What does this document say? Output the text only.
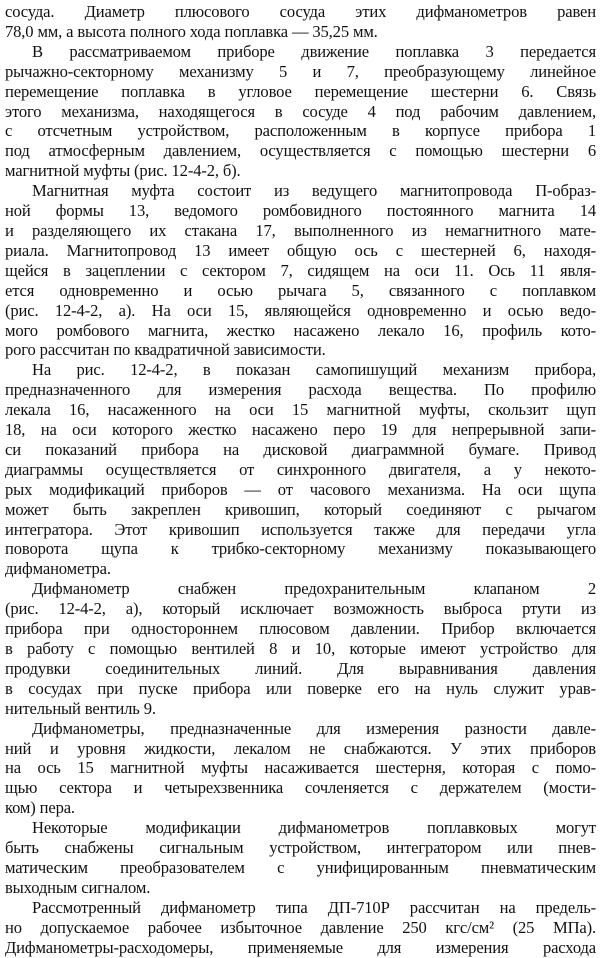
сосуда. Диаметр плюсового сосуда этих дифманометров равен
78,0 мм, а высота полного хода поплавка — 35,25 мм.

В рассматриваемом приборе движение поплавка 3 передается
рычажно-секторному механизму 5 и 7, преобразующему линейное
перемещение поплавка в угловое перемещение шестерни 6. Связь
этого механизма, находящегося в сосуде 4 под рабочим давлением,
с отсчетным устройством, расположенным в корпусе прибора 1
под атмосферным давлением, осуществляется с помощью шестерни 6
магнитной муфты (рис. 12-4-2, б).

Магнитная муфта состоит из ведущего магнитопровода П-образ-
ной формы 13, ведомого ромбовидного постоянного магнита 14
и разделяющего их стакана 17, выполненного из немагнитного мате-
риала. Магнитопровод 13 имеет общую ось с шестерней 6, находя-
щейся в зацеплении с сектором 7, сидящем на оси 11. Ось 11 явля-
ется одновременно и осью рычага 5, связанного с поплавком
(рис. 12-4-2, а). На оси 15, являющейся одновременно и осью ведо-
мого ромбового магнита, жестко насажено лекало 16, профиль кото-
рого рассчитан по квадратичной зависимости.

На рис. 12-4-2, в показан самопишущий механизм прибора,
предназначенного для измерения расхода вещества. По профилю
лекала 16, насаженного на оси 15 магнитной муфты, скользит щуп
18, на оси которого жестко насажено перо 19 для непрерывной запи-
си показаний прибора на дисковой диаграммной бумаге. Привод
диаграммы осуществляется от синхронного двигателя, а у некото-
рых модификаций приборов — от часового механизма. На оси щупа
может быть закреплен кривошип, который соединяют с рычагом
интегратора. Этот кривошип используется также для передачи угла
поворота щупа к трибко-секторному механизму показывающего
дифманометра.

Дифманометр снабжен предохранительным клапаном 2
(рис. 12-4-2, а), который исключает возможность выброса ртути из
прибора при одностороннем плюсовом давлении. Прибор включается
в работу с помощью вентилей 8 и 10, которые имеют устройство для
продувки соединительных линий. Для выравнивания давления
в сосудах при пуске прибора или поверке его на нуль служит урав-
нительный вентиль 9.

Дифманометры, предназначенные для измерения разности давле-
ний и уровня жидкости, лекалом не снабжаются. У этих приборов
на ось 15 магнитной муфты насаживается шестерня, которая с помо-
щью сектора и четырехзвенника сочленяется с держателем (мости-
ком) пера.

Некоторые модификации дифманометров поплавковых могут
быть снабжены сигнальным устройством, интегратором или пнев-
матическим преобразователем с унифицированным пневматическим
выходным сигналом.

Рассмотренный дифманометр типа ДП-710Р рассчитан на предель-
но допускаемое рабочее избыточное давление 250 кгс/см² (25 МПа).
Дифманометры-расходомеры, применяемые для измерения расхода
